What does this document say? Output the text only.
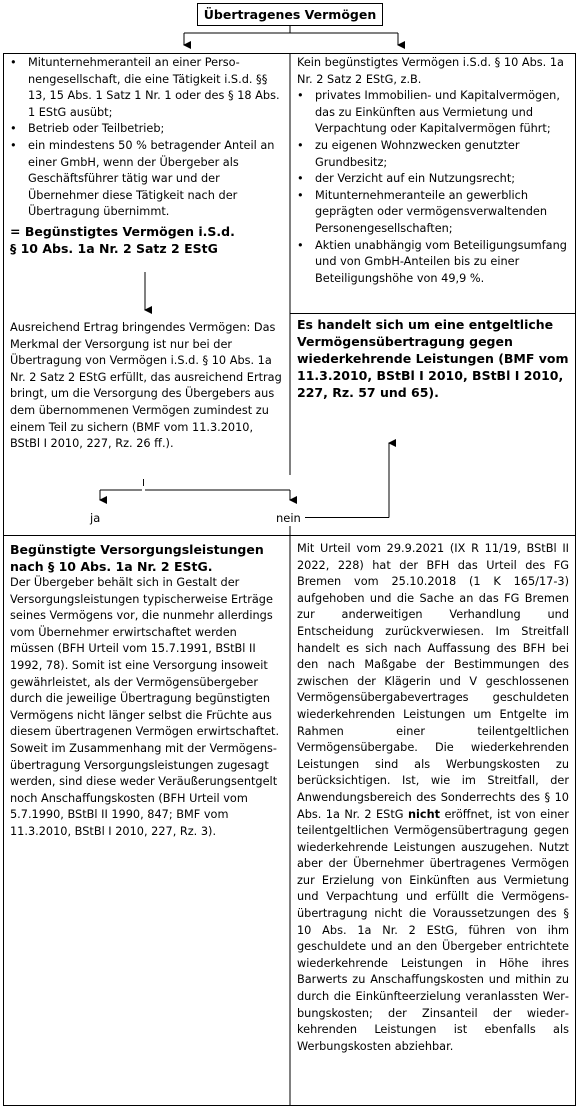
Übertragenes Vermögen
• Mitunternehmeranteil an einer Personengesellschaft, die eine Tätigkeit i.S.d. §§ 13, 15 Abs. 1 Satz 1 Nr. 1 oder des § 18 Abs. 1 EStG ausübt;
• Betrieb oder Teilbetrieb;
• ein mindestens 50 % betragender Anteil an einer GmbH, wenn der Übergeber als Geschäftsführer tätig war und der Übernehmer diese Tätigkeit nach der Übertragung übernimmt.
= Begünstigtes Vermögen i.S.d.
§ 10 Abs. 1a Nr. 2 Satz 2 EStG
Kein begünstigtes Vermögen i.S.d. § 10 Abs. 1a Nr. 2 Satz 2 EStG, z.B.
• privates Immobilien- und Kapitalvermögen, das zu Einkünften aus Vermietung und Verpachtung oder Kapitalvermögen führt;
• zu eigenen Wohnzwecken genutzter Grundbesitz;
• der Verzicht auf ein Nutzungsrecht;
• Mitunternehmeranteile an gewerblich geprägten oder vermögensverwaltenden Personengesellschaften;
• Aktien unabhängig vom Beteiligungsumfang und von GmbH-Anteilen bis zu einer Beteiligungshöhe von 49,9 %.
Ausreichend Ertrag bringendes Vermögen: Das Merkmal der Versorgung ist nur bei der Übertragung von Vermögen i.S.d. § 10 Abs. 1a Nr. 2 Satz 2 EStG erfüllt, das ausreichend Ertrag bringt, um die Versorgung des Übergebers aus dem übernommenen Vermögen zumindest zu einem Teil zu sichern (BMF vom 11.3.2010, BStBl I 2010, 227, Rz. 26 ff.).
Es handelt sich um eine entgeltliche Vermögensübertragung gegen wiederkehrende Leistungen (BMF vom 11.3.2010, BStBl I 2010, BStBl I 2010, 227, Rz. 57 und 65).
I
ja	nein
Begünstigte Versorgungsleistungen
nach § 10 Abs. 1a Nr. 2 EStG.
Der Übergeber behält sich in Gestalt der Versorgungsleistungen typischerweise Erträge seines Vermögens vor, die nunmehr allerdings vom Übernehmer erwirtschaftet werden müssen (BFH Urteil vom 15.7.1991, BStBl II 1992, 78). Somit ist eine Versorgung insoweit gewährleistet, als der Vermögensübergeber durch die jeweilige Übertragung begünstigten Vermögens nicht länger selbst die Früchte aus diesem übertragenen Vermögen erwirtschaftet. Soweit im Zusammenhang mit der Vermögensübertragung Versorgungsleistungen zugesagt werden, sind diese weder Veräußerungsentgelt noch Anschaffungskosten (BFH Urteil vom 5.7.1990, BStBl II 1990, 847; BMF vom 11.3.2010, BStBl I 2010, 227, Rz. 3).
Mit Urteil vom 29.9.2021 (IX R 11/19, BStBl II 2022, 228) hat der BFH das Urteil des FG Bremen vom 25.10.2018 (1 K 165/17-3) aufgehoben und die Sache an das FG Bremen zur anderweitigen Verhandlung und Entscheidung zurückverwiesen. Im Streitfall handelt es sich nach Auffassung des BFH bei den nach Maßgabe der Bestimmungen des zwischen der Klägerin und V geschlossenen Vermögensübergabevertrages geschuldeten wiederkehrenden Leistungen um Entgelte im Rahmen einer teilentgeltlichen Vermögensübergabe. Die wiederkehrenden Leistungen sind als Werbungskosten zu berücksichtigen. Ist, wie im Streitfall, der Anwendungsbereich des Sonderrechts des § 10 Abs. 1a Nr. 2 EStG nicht eröffnet, ist von einer teilentgeltlichen Vermögensübertragung gegen wiederkehrende Leistungen auszugehen. Nutzt aber der Übernehmer übertragenes Vermögen zur Erzielung von Einkünften aus Vermietung und Verpachtung und erfüllt die Vermögensübertragung nicht die Voraussetzungen des § 10 Abs. 1a Nr. 2 EStG, führen von ihm geschuldete und an den Übergeber entrichtete wiederkehrende Leistungen in Höhe ihres Barwerts zu Anschaffungskosten und mithin zu durch die Einkünfteerzielung veranlassten Werbungskosten; der Zinsanteil der wiederkehrenden Leistungen ist ebenfalls als Werbungskosten abziehbar.
